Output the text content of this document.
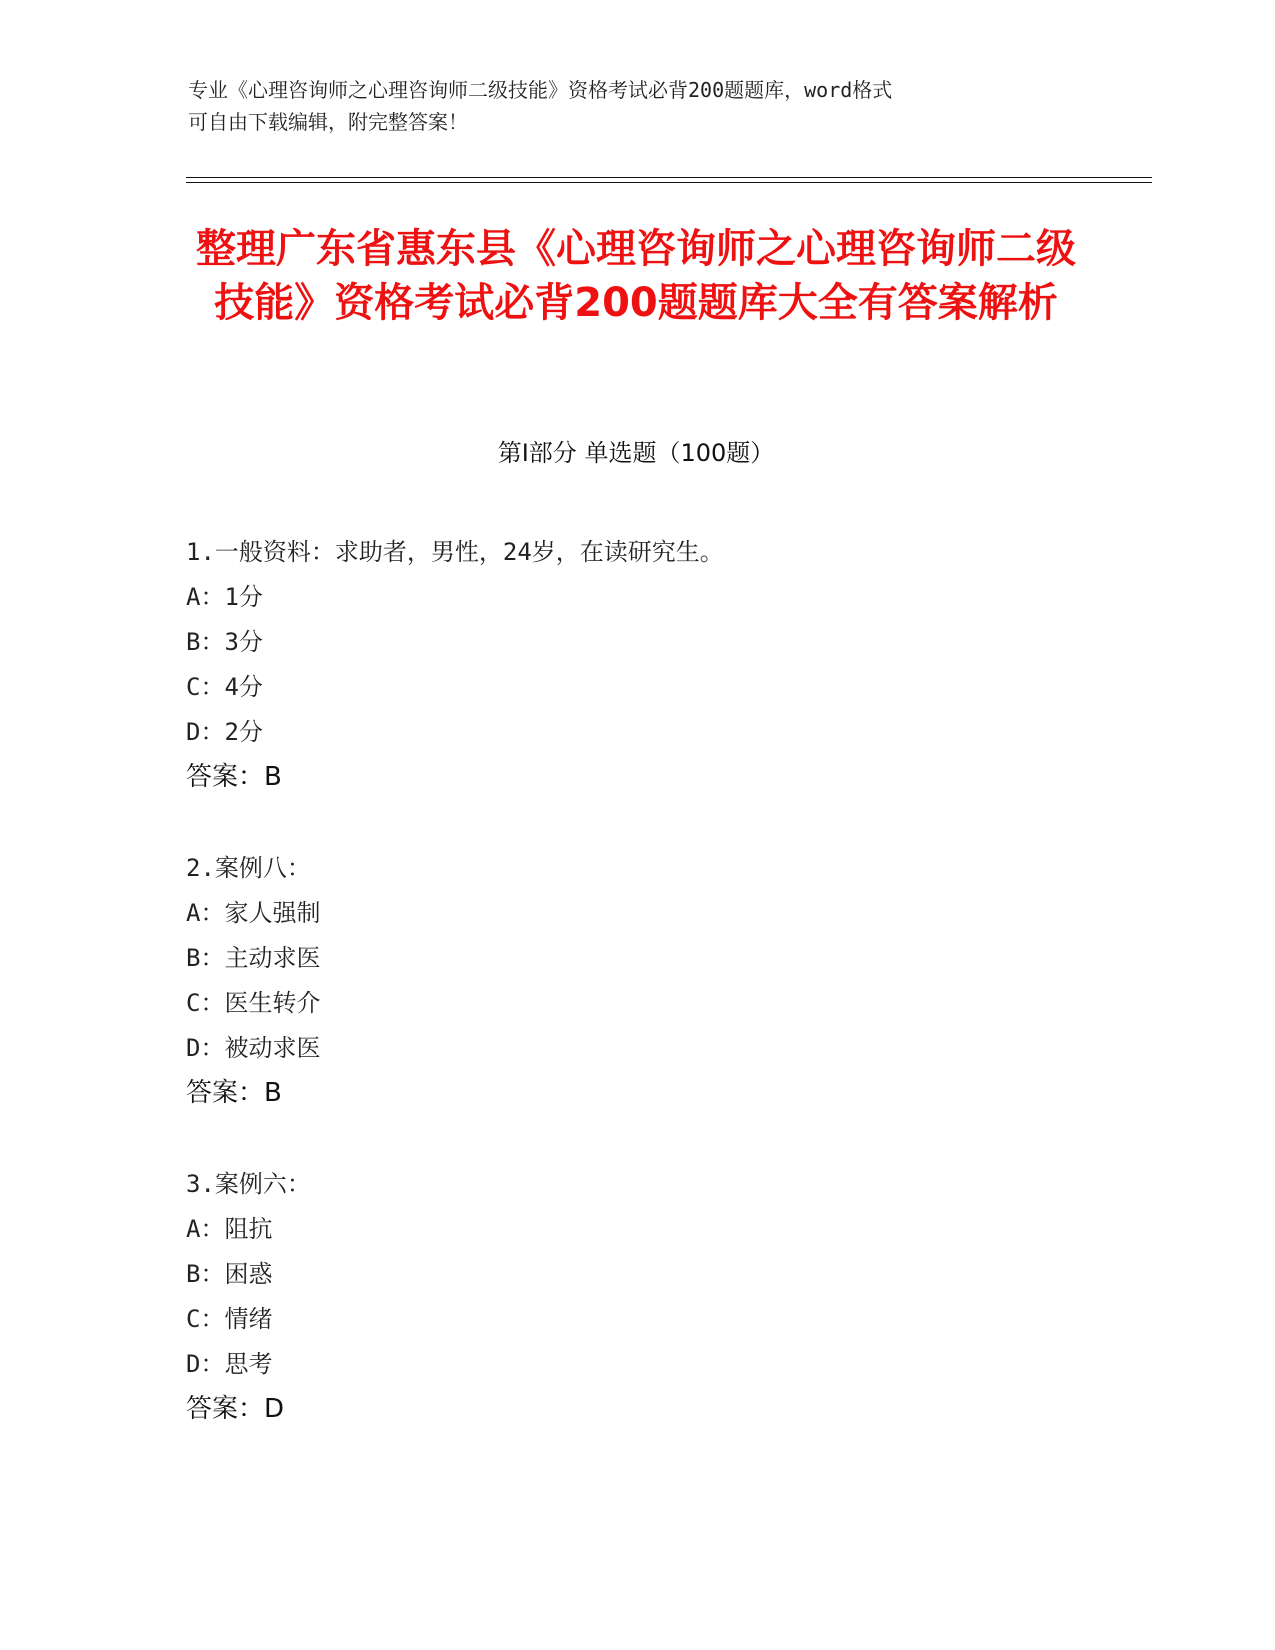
专业《心理咨询师之心理咨询师二级技能》资格考试必背200题题库，word格式
可自由下载编辑，附完整答案！
整理广东省惠东县《心理咨询师之心理咨询师二级技能》资格考试必背200题题库大全有答案解析
第Ⅰ部分 单选题（100题）
1.一般资料：求助者，男性，24岁，在读研究生。
A：1分
B：3分
C：4分
D：2分
答案：B
2.案例八：
A：家人强制
B：主动求医
C：医生转介
D：被动求医
答案：B
3.案例六：
A：阻抗
B：困惑
C：情绪
D：思考
答案：D
